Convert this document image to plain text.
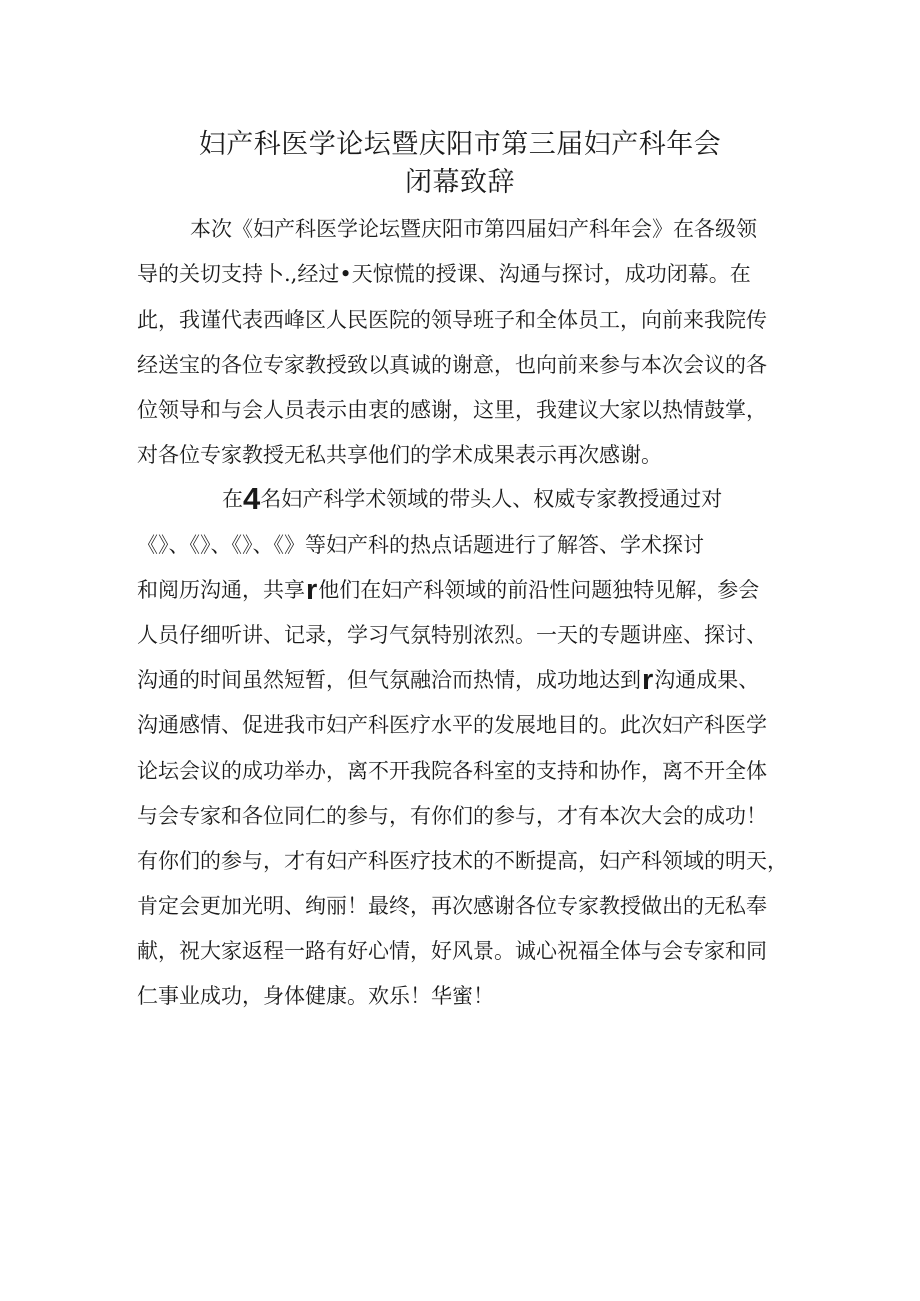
妇产科医学论坛暨庆阳市第三届妇产科年会
闭幕致辞
本次《妇产科医学论坛暨庆阳市第四届妇产科年会》在各级领
导的关切支持卜.,经过•天惊慌的授课、沟通与探讨，成功闭幕。在
此，我谨代表西峰区人民医院的领导班子和全体员工，向前来我院传
经送宝的各位专家教授致以真诚的谢意，也向前来参与本次会议的各
位领导和与会人员表示由衷的感谢，这里，我建议大家以热情鼓掌，
对各位专家教授无私共享他们的学术成果表示再次感谢。
在4名妇产科学术领域的带头人、权威专家教授通过对
《》、《》、《》、《》等妇产科的热点话题进行了解答、学术探讨
和阅历沟通，共享r他们在妇产科领域的前沿性问题独特见解，参会
人员仔细听讲、记录，学习气氛特别浓烈。一天的专题讲座、探讨、
沟通的时间虽然短暂，但气氛融洽而热情，成功地达到r沟通成果、
沟通感情、促进我市妇产科医疗水平的发展地目的。此次妇产科医学
论坛会议的成功举办，离不开我院各科室的支持和协作，离不开全体
与会专家和各位同仁的参与，有你们的参与，才有本次大会的成功！
有你们的参与，才有妇产科医疗技术的不断提高，妇产科领域的明天，
肯定会更加光明、绚丽！最终，再次感谢各位专家教授做出的无私奉
献，祝大家返程一路有好心情，好风景。诚心祝福全体与会专家和同
仁事业成功，身体健康。欢乐！华蜜！
